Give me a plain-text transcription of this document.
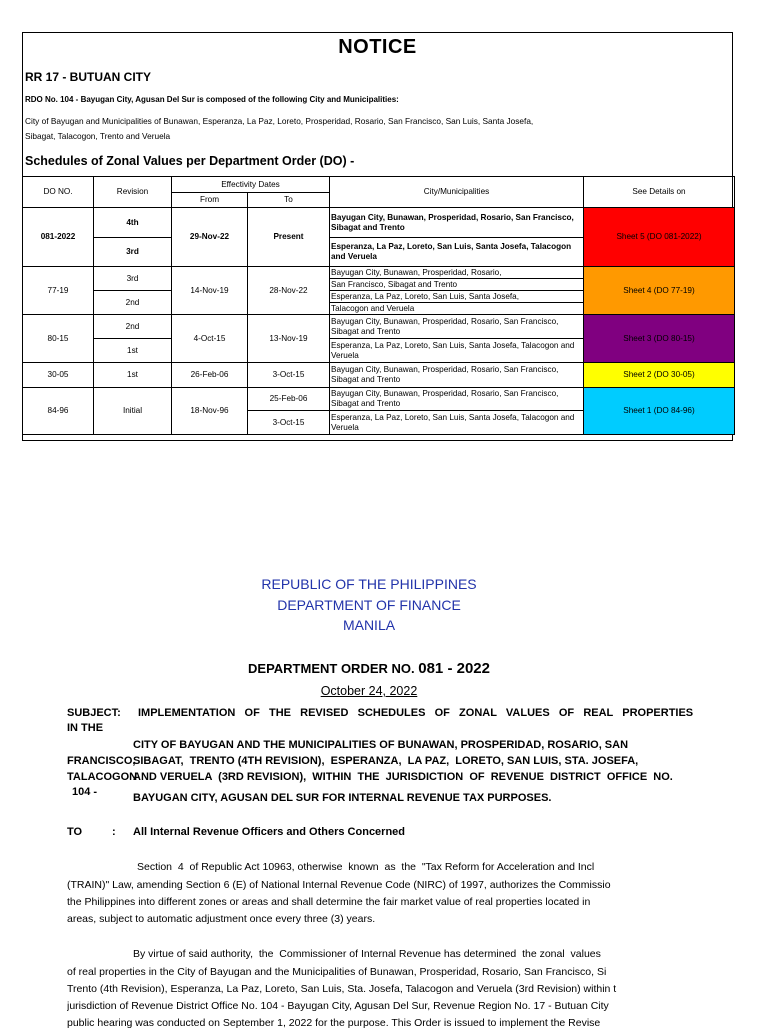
NOTICE
RR 17 - BUTUAN CITY
RDO No. 104 - Bayugan City, Agusan Del Sur is composed of the following City and Municipalities:
City of Bayugan and Municipalities of Bunawan, Esperanza, La Paz, Loreto, Prosperidad, Rosario, San Francisco, San Luis, Santa Josefa,
Sibagat, Talacogon, Trento and Veruela
Schedules of Zonal Values per Department Order (DO) -
DO NO.	Revision	Effectivity Dates		City/Municipalities	See Details on
		From	To		
081-2022	4th	29-Nov-22	Present	Bayugan City, Bunawan, Prosperidad, Rosario, San Francisco, Sibagat and Trento	Sheet 5 (DO 081-2022)
	3rd			Esperanza, La Paz, Loreto, San Luis, Santa Josefa, Talacogon and Veruela	
77-19	3rd	14-Nov-19	28-Nov-22	Bayugan City, Bunawan, Prosperidad, Rosario,	Sheet 4 (DO 77-19)
				San Francisco, Sibagat and Trento	
	2nd			Esperanza, La Paz, Loreto, San Luis, Santa Josefa,	
				Talacogon and Veruela	
80-15	2nd	4-Oct-15	13-Nov-19	Bayugan City, Bunawan, Prosperidad, Rosario, San Francisco, Sibagat and Trento	Sheet 3 (DO 80-15)
	1st			Esperanza, La Paz, Loreto, San Luis, Santa Josefa, Talacogon and Veruela	
30-05	1st	26-Feb-06	3-Oct-15	Bayugan City, Bunawan, Prosperidad, Rosario, San Francisco, Sibagat and Trento	Sheet 2 (DO 30-05)
84-96	Initial	18-Nov-96	25-Feb-06	Bayugan City, Bunawan, Prosperidad, Rosario, San Francisco, Sibagat and Trento	Sheet 1 (DO 84-96)
			3-Oct-15	Esperanza, La Paz, Loreto, San Luis, Santa Josefa, Talacogon and Veruela	
REPUBLIC OF THE PHILIPPINES
DEPARTMENT OF FINANCE
MANILA
DEPARTMENT ORDER NO. 081 - 2022
October 24, 2022
SUBJECT: IMPLEMENTATION   OF   THE   REVISED   SCHEDULES   OF   ZONAL   VALUES   OF   REAL   PROPERTIES
IN THE
CITY OF BAYUGAN AND THE MUNICIPALITIES OF BUNAWAN, PROSPERIDAD, ROSARIO, SAN
FRANCISCO,
SIBAGAT,  TRENTO (4TH REVISION),  ESPERANZA,  LA PAZ,  LORETO, SAN LUIS, STA. JOSEFA,
TALACOGON
AND VERUELA  (3RD REVISION),  WITHIN  THE  JURISDICTION  OF  REVENUE  DISTRICT  OFFICE  NO.
104 -	BAYUGAN CITY, AGUSAN DEL SUR FOR INTERNAL REVENUE TAX PURPOSES.
TO	: All Internal Revenue Officers and Others Concerned
Section  4  of Republic Act 10963, otherwise  known  as  the  "Tax Reform for Acceleration and Incl
(TRAIN)" Law, amending Section 6 (E) of National Internal Revenue Code (NIRC) of 1997, authorizes the Commissio
the Philippines into different zones or areas and shall determine the fair market value of real properties located in
areas, subject to automatic adjustment once every three (3) years.
By virtue of said authority,  the  Commissioner of Internal Revenue has determined  the zonal  values
of real properties in the City of Bayugan and the Municipalities of Bunawan, Prosperidad, Rosario, San Francisco, Si
Trento (4th Revision), Esperanza, La Paz, Loreto, San Luis, Sta. Josefa, Talacogon and Veruela (3rd Revision) within t
jurisdiction of Revenue District Office No. 104 - Bayugan City, Agusan Del Sur, Revenue Region No. 17 - Butuan City
public hearing was conducted on September 1, 2022 for the purpose. This Order is issued to implement the Revise
